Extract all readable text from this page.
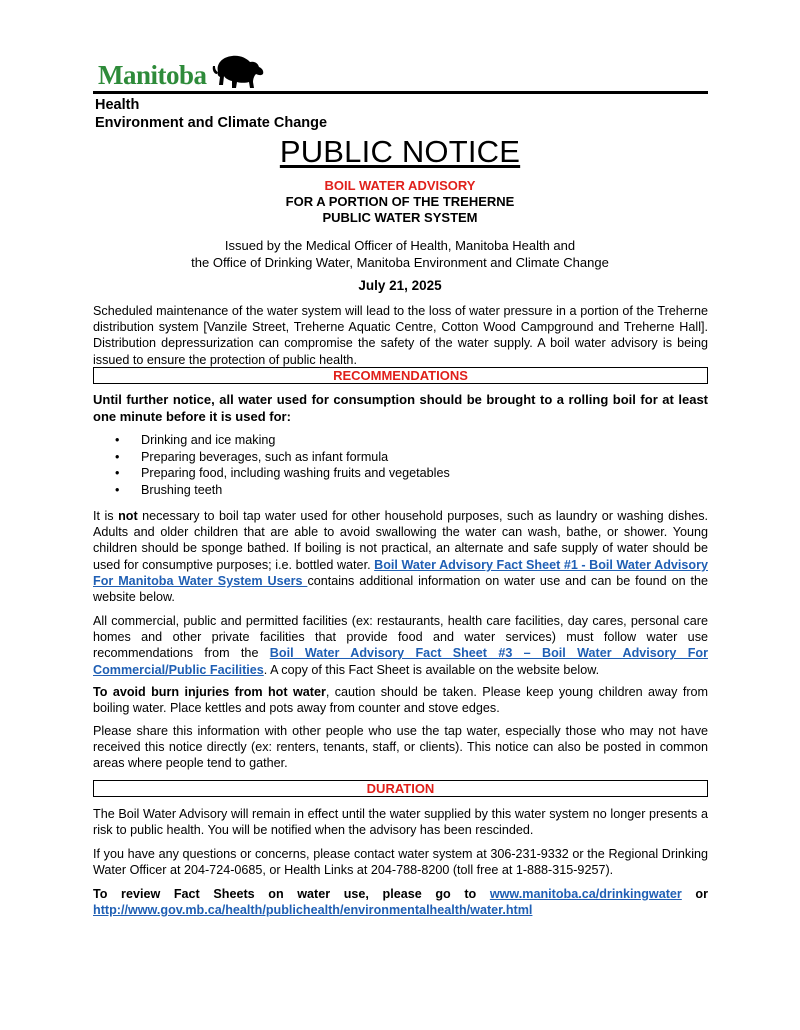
Manitoba
Health
Environment and Climate Change
PUBLIC NOTICE
BOIL WATER ADVISORY
FOR A PORTION OF THE TREHERNE
PUBLIC WATER SYSTEM
Issued by the Medical Officer of Health, Manitoba Health and
the Office of Drinking Water, Manitoba Environment and Climate Change
July 21, 2025
Scheduled maintenance of the water system will lead to the loss of water pressure in a portion of the Treherne distribution system [Vanzile Street, Treherne Aquatic Centre, Cotton Wood Campground and Treherne Hall]. Distribution depressurization can compromise the safety of the water supply. A boil water advisory is being issued to ensure the protection of public health.
RECOMMENDATIONS
Until further notice, all water used for consumption should be brought to a rolling boil for at least one minute before it is used for:
• Drinking and ice making
• Preparing beverages, such as infant formula
• Preparing food, including washing fruits and vegetables
• Brushing teeth
It is not necessary to boil tap water used for other household purposes, such as laundry or washing dishes. Adults and older children that are able to avoid swallowing the water can wash, bathe, or shower. Young children should be sponge bathed. If boiling is not practical, an alternate and safe supply of water should be used for consumptive purposes; i.e. bottled water. Boil Water Advisory Fact Sheet #1 - Boil Water Advisory For Manitoba Water System Users contains additional information on water use and can be found on the website below.
All commercial, public and permitted facilities (ex: restaurants, health care facilities, day cares, personal care homes and other private facilities that provide food and water services) must follow water use recommendations from the Boil Water Advisory Fact Sheet #3 – Boil Water Advisory For Commercial/Public Facilities. A copy of this Fact Sheet is available on the website below.
To avoid burn injuries from hot water, caution should be taken. Please keep young children away from boiling water. Place kettles and pots away from counter and stove edges.
Please share this information with other people who use the tap water, especially those who may not have received this notice directly (ex: renters, tenants, staff, or clients). This notice can also be posted in common areas where people tend to gather.
DURATION
The Boil Water Advisory will remain in effect until the water supplied by this water system no longer presents a risk to public health. You will be notified when the advisory has been rescinded.
If you have any questions or concerns, please contact water system at 306-231-9332 or the Regional Drinking Water Officer at 204-724-0685, or Health Links at 204-788-8200 (toll free at 1-888-315-9257).
To review Fact Sheets on water use, please go to www.manitoba.ca/drinkingwater or http://www.gov.mb.ca/health/publichealth/environmentalhealth/water.html
